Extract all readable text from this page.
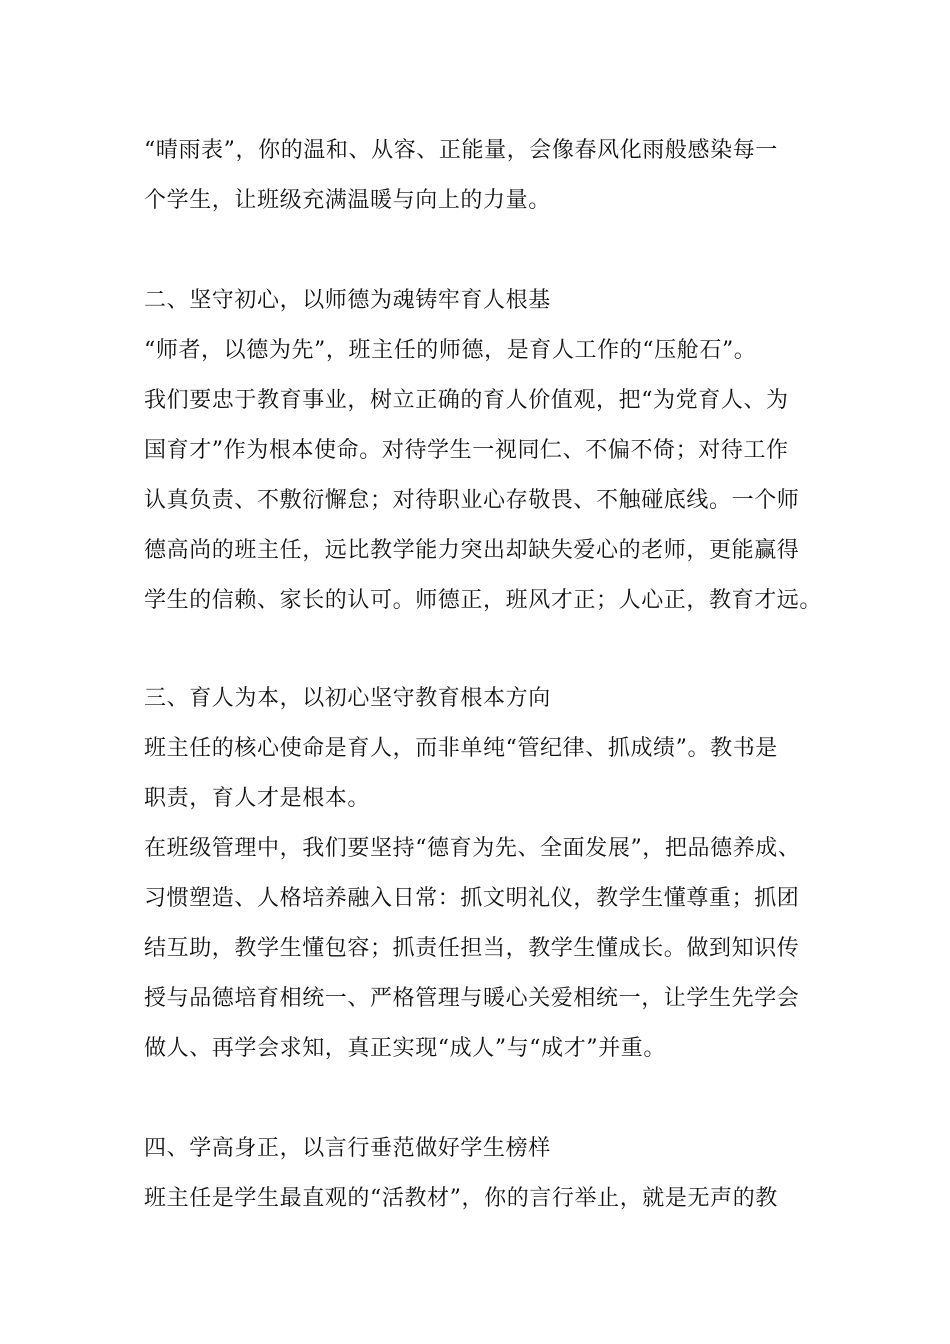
“晴雨表”，你的温和、从容、正能量，会像春风化雨般感染每一
个学生，让班级充满温暖与向上的力量。
二、坚守初心，以师德为魂铸牢育人根基
“师者，以德为先”，班主任的师德，是育人工作的“压舱石”。
我们要忠于教育事业，树立正确的育人价值观，把“为党育人、为
国育才”作为根本使命。对待学生一视同仁、不偏不倚；对待工作
认真负责、不敷衍懈怠；对待职业心存敬畏、不触碰底线。一个师
德高尚的班主任，远比教学能力突出却缺失爱心的老师，更能赢得
学生的信赖、家长的认可。师德正，班风才正；人心正，教育才远。
三、育人为本，以初心坚守教育根本方向
班主任的核心使命是育人，而非单纯“管纪律、抓成绩”。教书是
职责，育人才是根本。
在班级管理中，我们要坚持“德育为先、全面发展”，把品德养成、
习惯塑造、人格培养融入日常：抓文明礼仪，教学生懂尊重；抓团
结互助，教学生懂包容；抓责任担当，教学生懂成长。做到知识传
授与品德培育相统一、严格管理与暖心关爱相统一，让学生先学会
做人、再学会求知，真正实现“成人”与“成才”并重。
四、学高身正，以言行垂范做好学生榜样
班主任是学生最直观的“活教材”，你的言行举止，就是无声的教
